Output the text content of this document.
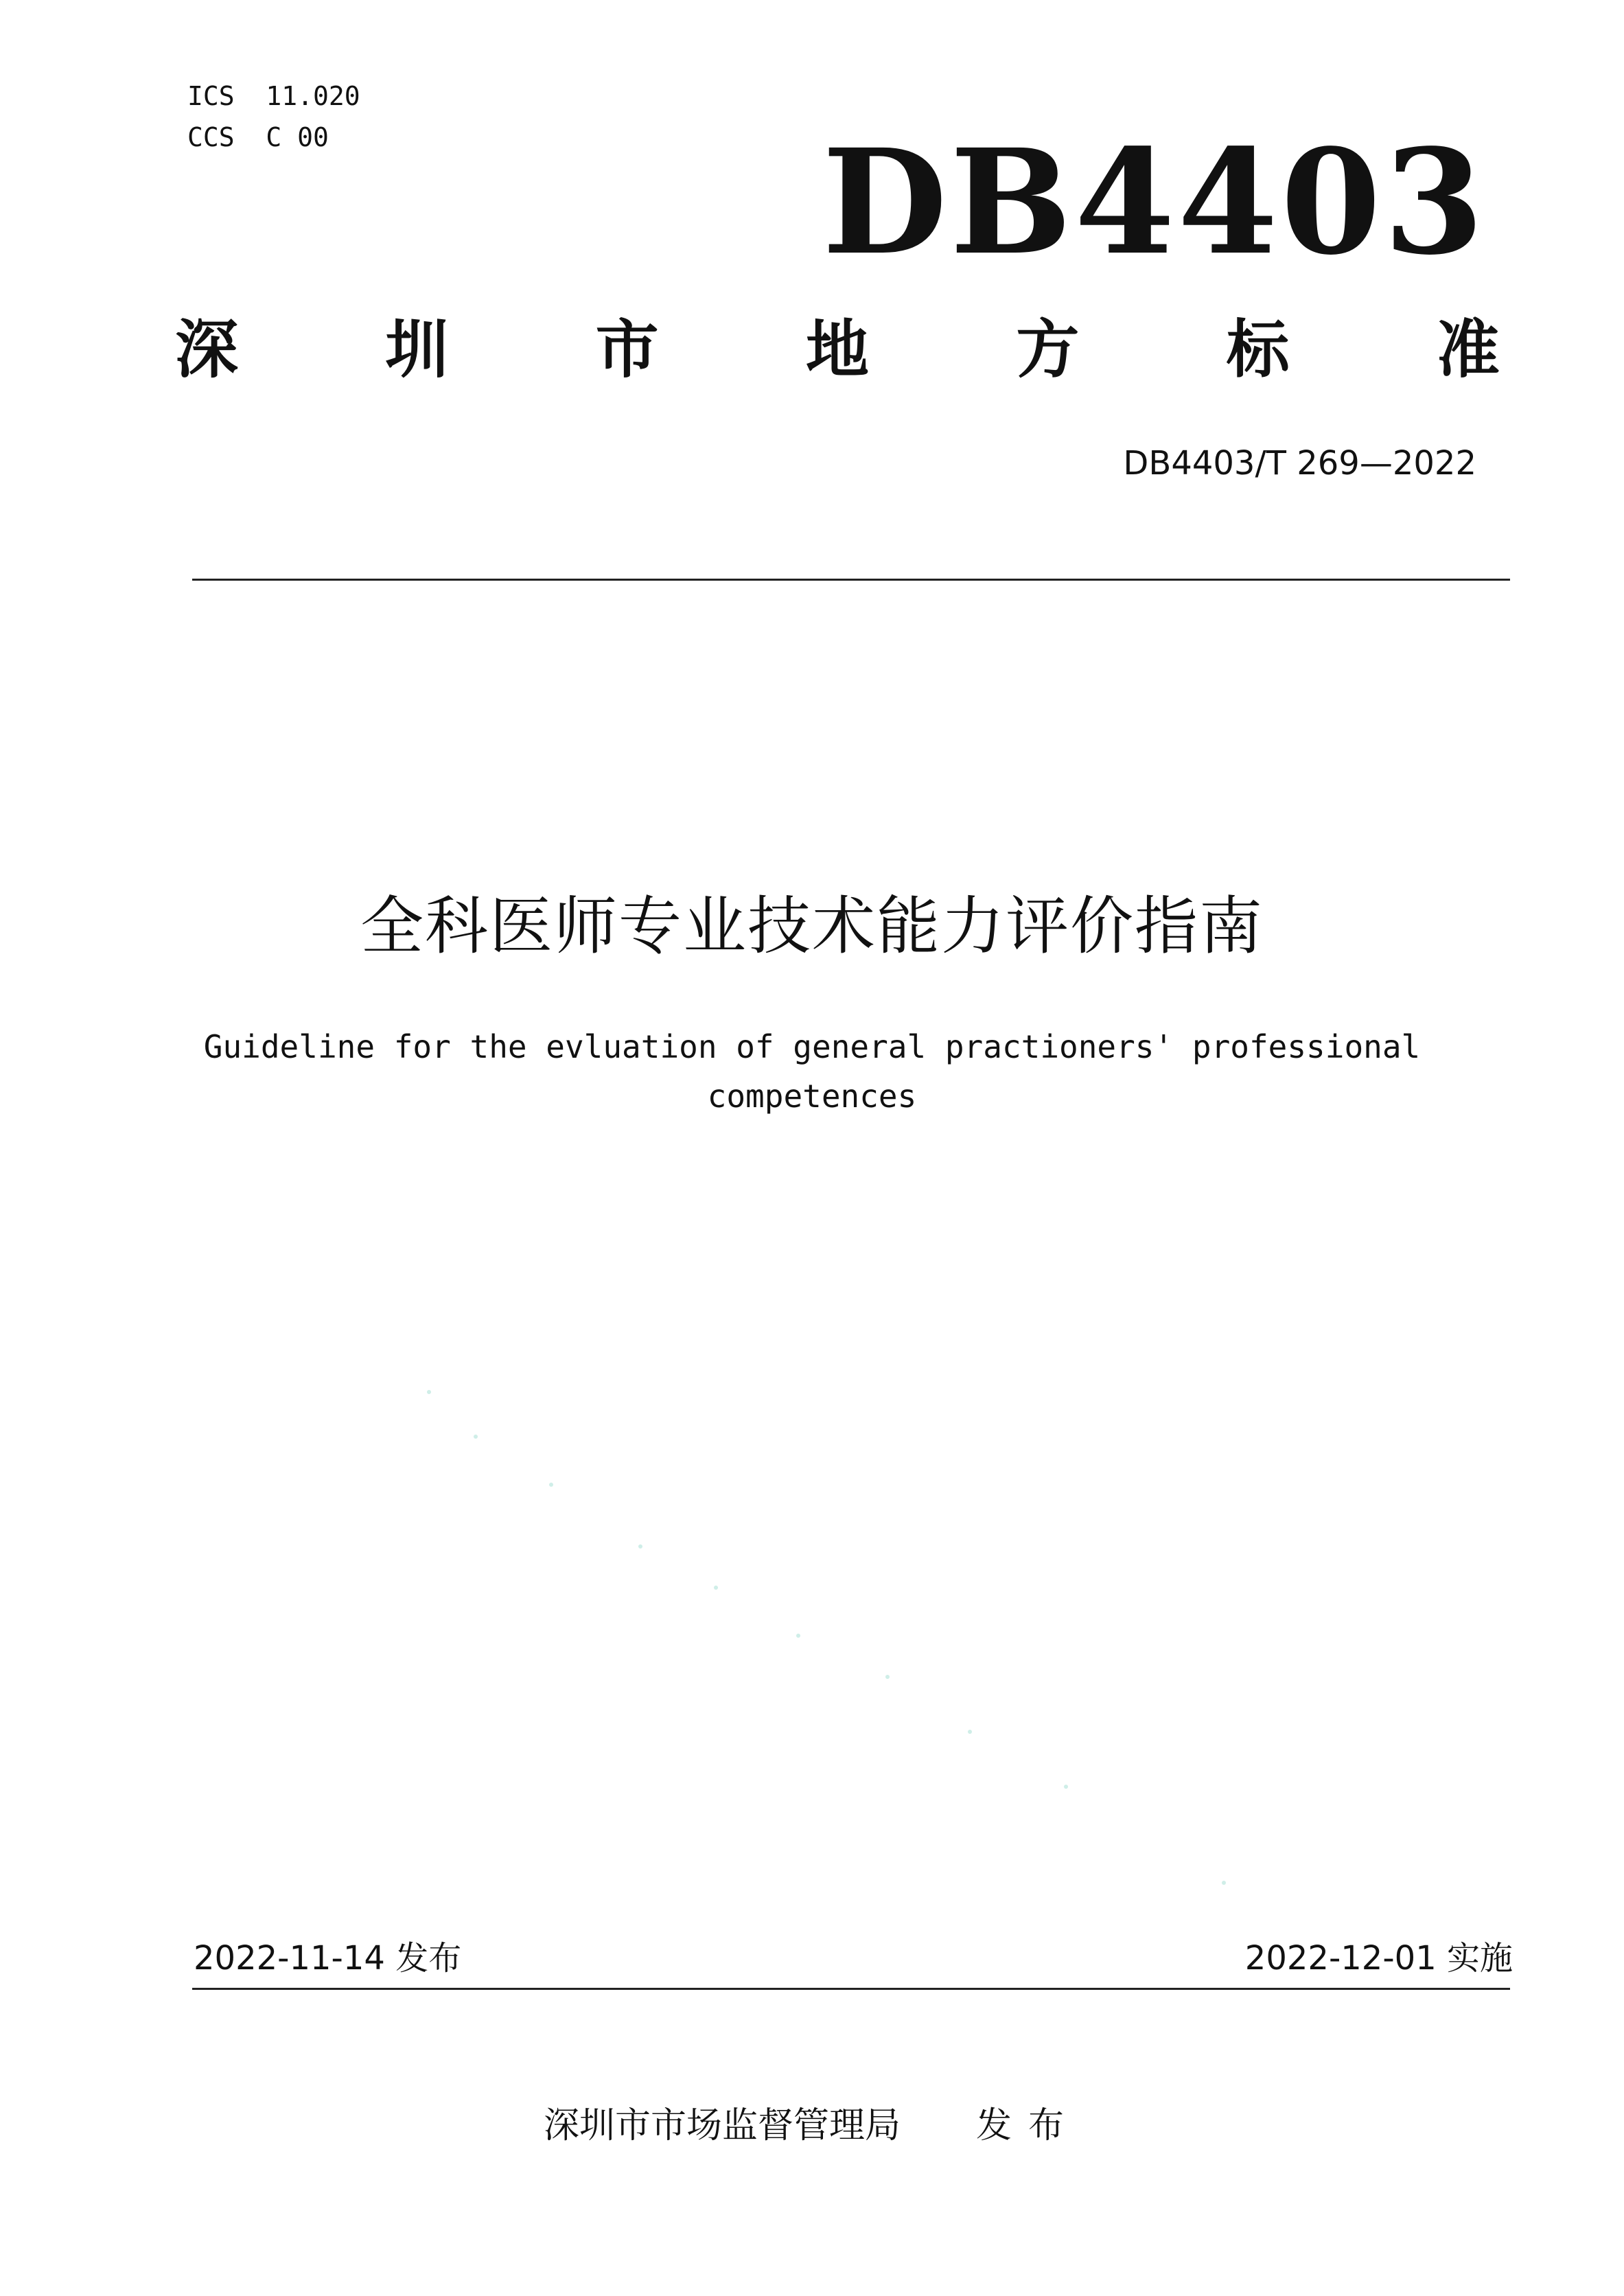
ICS  11.020
CCS  C 00	DB4403
深 圳 市 地 方 标 准
DB4403/T 269—2022
全科医师专业技术能力评价指南
Guideline for the evluation of general practioners' professional
competences
2022-11-14 发布	2022-12-01 实施
深圳市市场监督管理局 发布
